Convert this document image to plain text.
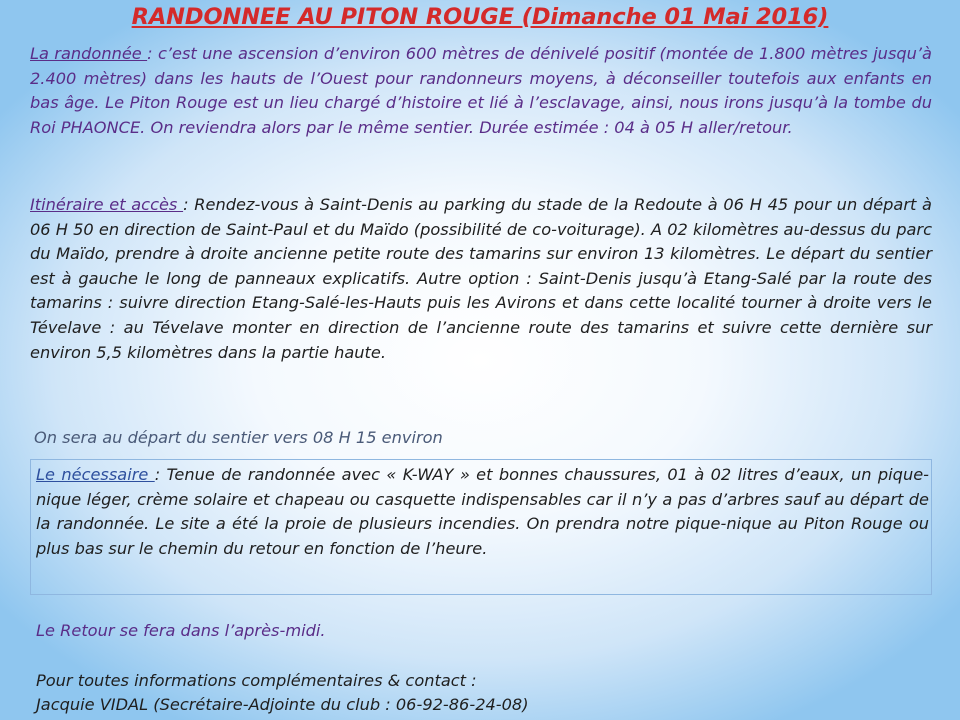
RANDONNEE AU PITON ROUGE (Dimanche 01 Mai 2016)

La randonnée : c’est une ascension d’environ 600 mètres de dénivelé positif (montée de 1.800 mètres jusqu’à 2.400 mètres) dans les hauts de l’Ouest pour randonneurs moyens, à déconseiller toutefois aux enfants en bas âge. Le Piton Rouge est un lieu chargé d’histoire et lié à l’esclavage, ainsi, nous irons jusqu’à la tombe du Roi PHAONCE. On reviendra alors par le même sentier. Durée estimée : 04 à 05 H aller/retour.

Itinéraire et accès : Rendez-vous à Saint-Denis au parking du stade de la Redoute à 06 H 45 pour un départ à 06 H 50 en direction de Saint-Paul et du Maïdo (possibilité de co-voiturage). A 02 kilomètres au-dessus du parc du Maïdo, prendre à droite ancienne petite route des tamarins sur environ 13 kilomètres. Le départ du sentier est à gauche le long de panneaux explicatifs. Autre option : Saint-Denis jusqu’à Etang-Salé par la route des tamarins : suivre direction Etang-Salé-les-Hauts puis les Avirons et dans cette localité tourner à droite vers le Tévelave : au Tévelave monter en direction de l’ancienne route des tamarins et suivre cette dernière sur environ 5,5 kilomètres dans la partie haute.

On sera au départ du sentier vers 08 H 15 environ

Le nécessaire : Tenue de randonnée avec « K-WAY » et bonnes chaussures, 01 à 02 litres d’eaux, un pique-nique léger, crème solaire et chapeau ou casquette indispensables car il n’y a pas d’arbres sauf au départ de la randonnée. Le site a été la proie de plusieurs incendies. On prendra notre pique-nique au Piton Rouge ou plus bas sur le chemin du retour en fonction de l’heure.

Le Retour se fera dans l’après-midi.

Pour toutes informations complémentaires & contact :

Jacquie VIDAL (Secrétaire-Adjointe du club : 06-92-86-24-08)
